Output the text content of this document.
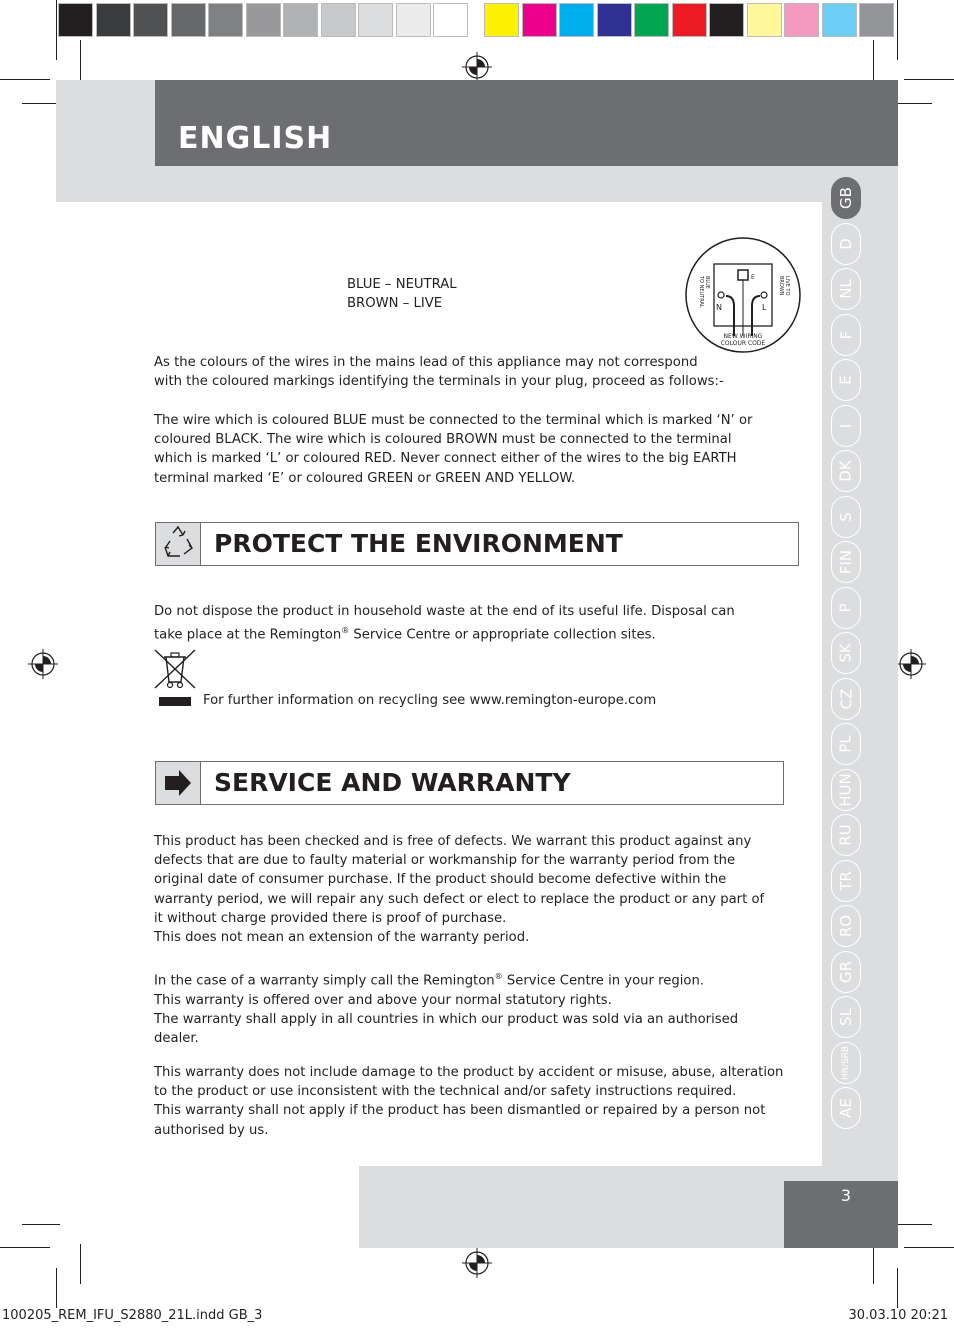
ENGLISH
GB
D
NL
F
E
I
DK
S
FIN
P
SK
CZ
PL
HUN
RU
TR
RO
GR
SL
HR/SRB
AE
BLUE – NEUTRAL
BROWN – LIVE	N	L
E
BLUE
TO NEUTRAL	BROWN LIVE TO
NEW WIRING
COLOUR CODE
As the colours of the wires in the mains lead of this appliance may not correspond
with the coloured markings identifying the terminals in your plug, proceed as follows:-
The wire which is coloured BLUE must be connected to the terminal which is marked ‘N’ or
coloured BLACK. The wire which is coloured BROWN must be connected to the terminal
which is marked ‘L’ or coloured RED. Never connect either of the wires to the big EARTH
terminal marked ‘E’ or coloured GREEN or GREEN AND YELLOW.
PROTECT THE ENVIRONMENT
Do not dispose the product in household waste at the end of its useful life. Disposal can
take place at the Remington® Service Centre or appropriate collection sites.
For further information on recycling see www.remington-europe.com
SERVICE AND WARRANTY
This product has been checked and is free of defects. We warrant this product against any
defects that are due to faulty material or workmanship for the warranty period from the
original date of consumer purchase. If the product should become defective within the
warranty period, we will repair any such defect or elect to replace the product or any part of
it without charge provided there is proof of purchase.
This does not mean an extension of the warranty period.
In the case of a warranty simply call the Remington® Service Centre in your region.
This warranty is offered over and above your normal statutory rights.
The warranty shall apply in all countries in which our product was sold via an authorised
dealer.
This warranty does not include damage to the product by accident or misuse, abuse, alteration
to the product or use inconsistent with the technical and/or safety instructions required.
This warranty shall not apply if the product has been dismantled or repaired by a person not
authorised by us.
3
100205_REM_IFU_S2880_21L.indd GB_3	30.03.10 20:21
